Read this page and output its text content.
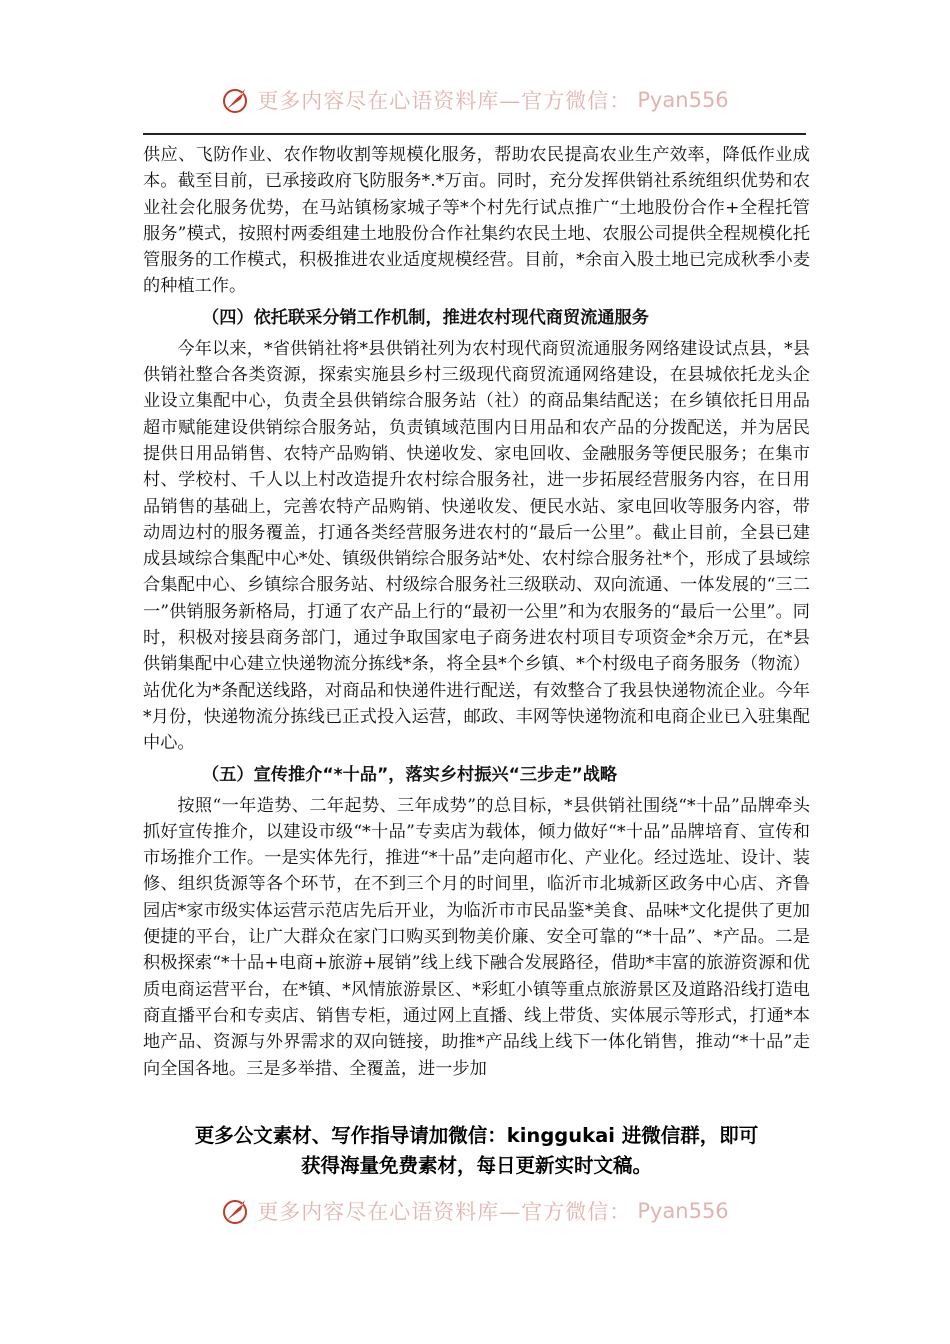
更多内容尽在心语资料库—官方微信： Pyan556

供应、飞防作业、农作物收割等规模化服务，帮助农民提高农业生产效率，降低作业成本。截至目前，已承接政府飞防服务*.*万亩。同时，充分发挥供销社系统组织优势和农业社会化服务优势，在马站镇杨家城子等*个村先行试点推广“土地股份合作+全程托管服务”模式，按照村两委组建土地股份合作社集约农民土地、农服公司提供全程规模化托管服务的工作模式，积极推进农业适度规模经营。目前，*余亩入股土地已完成秋季小麦的种植工作。

（四）依托联采分销工作机制，推进农村现代商贸流通服务

今年以来，*省供销社将*县供销社列为农村现代商贸流通服务网络建设试点县，*县供销社整合各类资源，探索实施县乡村三级现代商贸流通网络建设，在县城依托龙头企业设立集配中心，负责全县供销综合服务站（社）的商品集结配送；在乡镇依托日用品超市赋能建设供销综合服务站，负责镇域范围内日用品和农产品的分拨配送，并为居民提供日用品销售、农特产品购销、快递收发、家电回收、金融服务等便民服务；在集市村、学校村、千人以上村改造提升农村综合服务社，进一步拓展经营服务内容，在日用品销售的基础上，完善农特产品购销、快递收发、便民水站、家电回收等服务内容，带动周边村的服务覆盖，打通各类经营服务进农村的“最后一公里”。截止目前，全县已建成县域综合集配中心*处、镇级供销综合服务站*处、农村综合服务社*个，形成了县域综合集配中心、乡镇综合服务站、村级综合服务社三级联动、双向流通、一体发展的“三二一”供销服务新格局，打通了农产品上行的“最初一公里”和为农服务的“最后一公里”。同时，积极对接县商务部门，通过争取国家电子商务进农村项目专项资金*余万元，在*县供销集配中心建立快递物流分拣线*条，将全县*个乡镇、*个村级电子商务服务（物流）站优化为*条配送线路，对商品和快递件进行配送，有效整合了我县快递物流企业。今年*月份，快递物流分拣线已正式投入运营，邮政、丰网等快递物流和电商企业已入驻集配中心。

（五）宣传推介“*十品”，落实乡村振兴“三步走”战略

按照“一年造势、二年起势、三年成势”的总目标，*县供销社围绕“*十品”品牌牵头抓好宣传推介，以建设市级“*十品”专卖店为载体，倾力做好“*十品”品牌培育、宣传和市场推介工作。一是实体先行，推进“*十品”走向超市化、产业化。经过选址、设计、装修、组织货源等各个环节，在不到三个月的时间里，临沂市北城新区政务中心店、齐鲁园店*家市级实体运营示范店先后开业，为临沂市市民品鉴*美食、品味*文化提供了更加便捷的平台，让广大群众在家门口购买到物美价廉、安全可靠的“*十品”、*产品。二是积极探索“*十品+电商+旅游+展销”线上线下融合发展路径，借助*丰富的旅游资源和优质电商运营平台，在*镇、*风情旅游景区、*彩虹小镇等重点旅游景区及道路沿线打造电商直播平台和专卖店、销售专柜，通过网上直播、线上带货、实体展示等形式，打通*本地产品、资源与外界需求的双向链接，助推*产品线上线下一体化销售，推动“*十品”走向全国各地。三是多举措、全覆盖，进一步加

更多公文素材、写作指导请加微信：kinggukai 进微信群，即可
获得海量免费素材，每日更新实时文稿。
更多内容尽在心语资料库—官方微信： Pyan556
